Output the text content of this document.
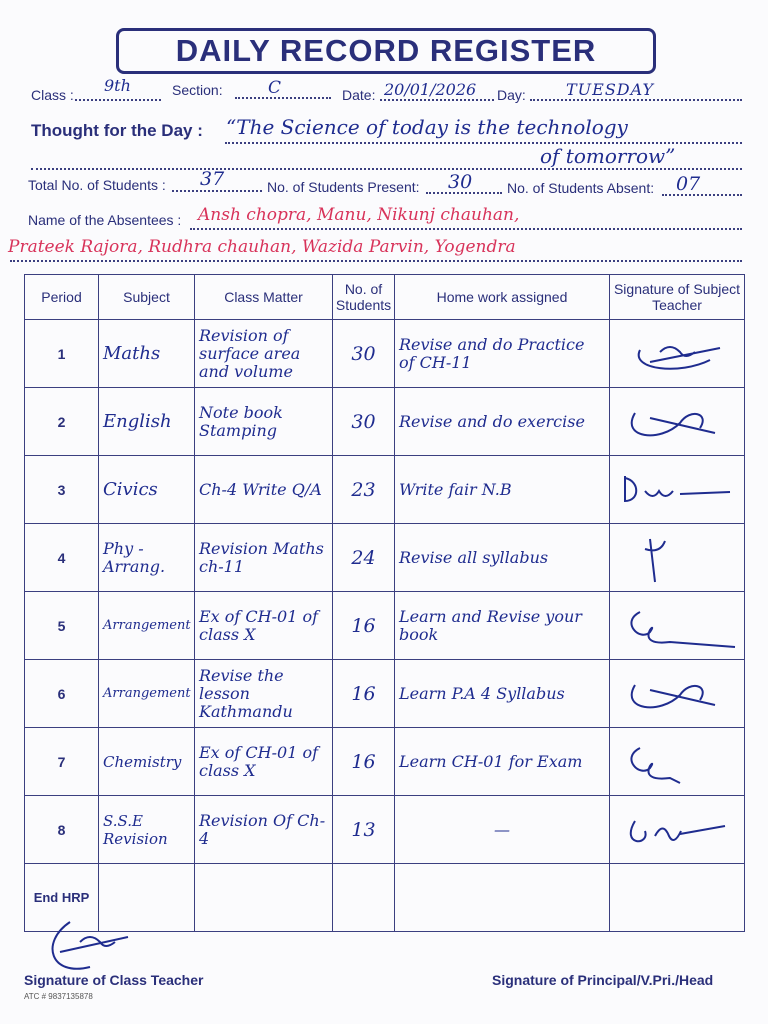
DAILY RECORD REGISTER
Class : 9th	Section:	C	Date: 20/01/2026 Day:	TUESDAY
Thought for the Day : “The Science of today is the technology
of tomorrow”
Total No. of Students : 37	No. of Students Present: 30 No. of Students Absent: 07
Name of the Absentees : Ansh chopra, Manu, Nikunj chauhan,
Prateek Rajora, Rudhra chauhan, Wazida Parvin, Yogendra
Period	Subject	Class Matter	No. of Students	Home work assigned	Signature of Subject Teacher
1	Maths	Revision of surface area and volume	30	Revise and do Practice of CH-11

2	English	Note book Stamping	30	Revise and do exercise

3	Civics	Ch-4 Write Q/A	23	Write fair N.B

4	Phy - Arrang.	Revision Maths ch-11	24	Revise all syllabus

5	Arrangement	Ex of CH-01 of class X	16	Learn and Revise your book

6	Arrangement	Revise the lesson Kathmandu	16	Learn P.A 4 Syllabus

7	Chemistry	Ex of CH-01 of class X	16	Learn CH-01 for Exam

8	S.S.E Revision	Revision Of Ch-4	13	—

End HRP					

Signature of Class Teacher
ATC # 9837135878
Signature of Principal/V.Pri./Head
